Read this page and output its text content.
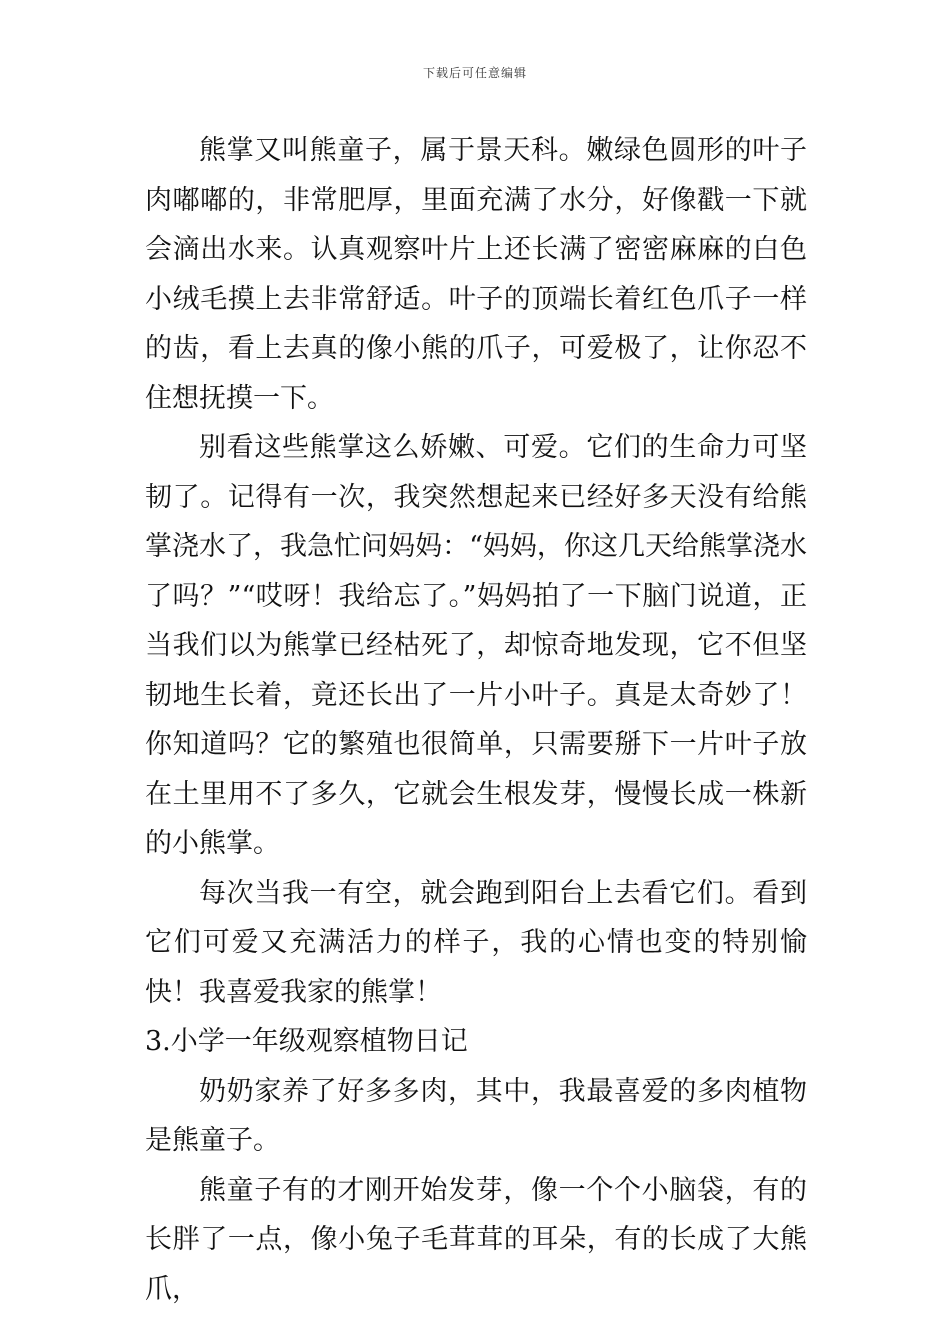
下载后可任意编辑

熊掌又叫熊童子，属于景天科。嫩绿色圆形的叶子肉嘟嘟的，非常肥厚，里面充满了水分，好像戳一下就会滴出水来。认真观察叶片上还长满了密密麻麻的白色小绒毛摸上去非常舒适。叶子的顶端长着红色爪子一样的齿，看上去真的像小熊的爪子，可爱极了，让你忍不住想抚摸一下。

别看这些熊掌这么娇嫩、可爱。它们的生命力可坚韧了。记得有一次，我突然想起来已经好多天没有给熊掌浇水了，我急忙问妈妈：“妈妈，你这几天给熊掌浇水了吗？”“哎呀！我给忘了。”妈妈拍了一下脑门说道，正当我们以为熊掌已经枯死了，却惊奇地发现，它不但坚韧地生长着，竟还长出了一片小叶子。真是太奇妙了！你知道吗？它的繁殖也很简单，只需要掰下一片叶子放在土里用不了多久，它就会生根发芽，慢慢长成一株新的小熊掌。

每次当我一有空，就会跑到阳台上去看它们。看到它们可爱又充满活力的样子，我的心情也变的特别愉快！我喜爱我家的熊掌！

3.小学一年级观察植物日记

奶奶家养了好多多肉，其中，我最喜爱的多肉植物是熊童子。

熊童子有的才刚开始发芽，像一个个小脑袋，有的长胖了一点，像小兔子毛茸茸的耳朵，有的长成了大熊爪，
